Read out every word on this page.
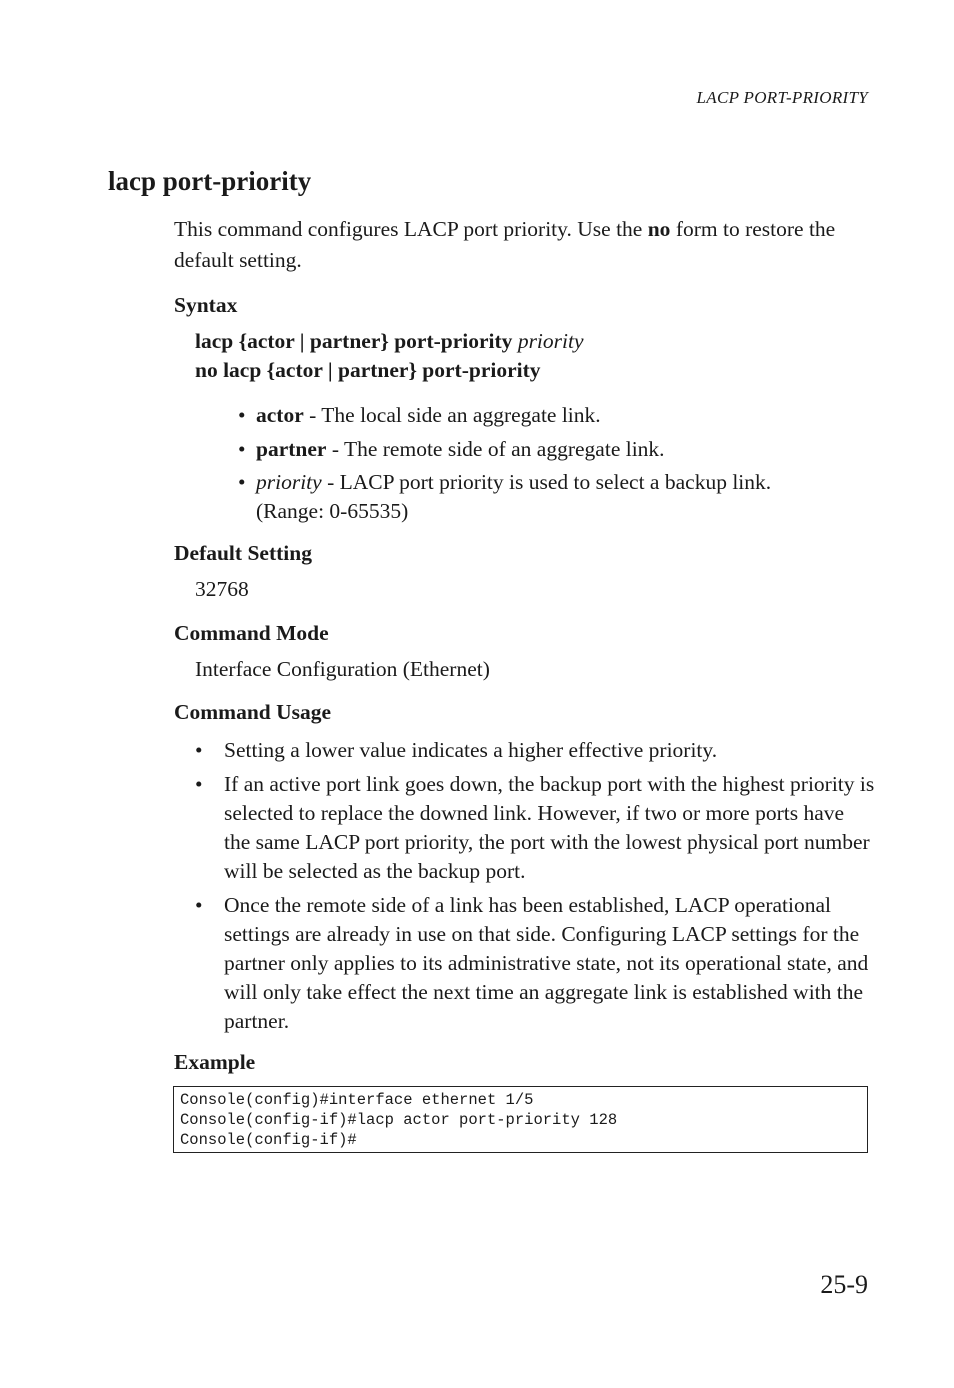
LACP PORT-PRIORITY
lacp port-priority
This command configures LACP port priority. Use the no form to restore the default setting.
Syntax
lacp {actor | partner} port-priority priority
no lacp {actor | partner} port-priority
• actor - The local side an aggregate link.
• partner - The remote side of an aggregate link.
• priority - LACP port priority is used to select a backup link.
(Range: 0-65535)
Default Setting
32768
Command Mode
Interface Configuration (Ethernet)
Command Usage
• Setting a lower value indicates a higher effective priority.
• If an active port link goes down, the backup port with the highest priority is selected to replace the downed link. However, if two or more ports have the same LACP port priority, the port with the lowest physical port number will be selected as the backup port.
• Once the remote side of a link has been established, LACP operational settings are already in use on that side. Configuring LACP settings for the partner only applies to its administrative state, not its operational state, and will only take effect the next time an aggregate link is established with the partner.
Example
Console(config)#interface ethernet 1/5
Console(config-if)#lacp actor port-priority 128
Console(config-if)#
25-9
